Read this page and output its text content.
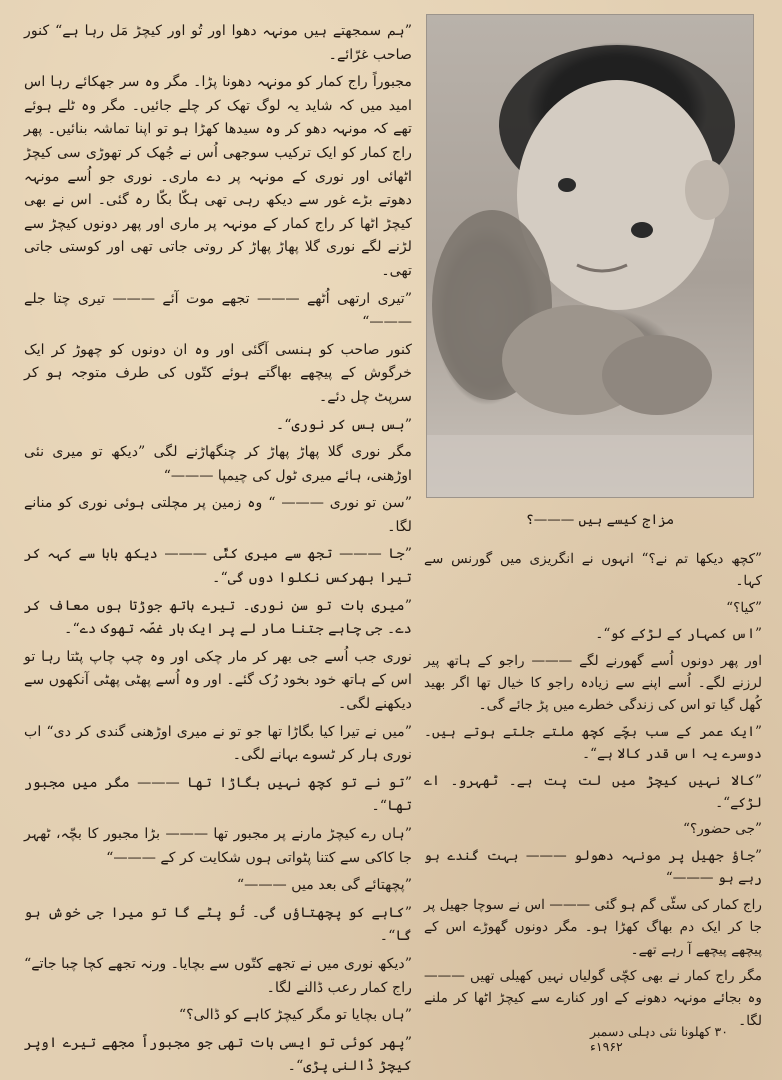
”ہم سمجھتے ہیں مونہہ دھوا اور تُو اور کیچڑ مَل رہا ہے“ کنور صاحب غرّائے۔

مجبوراً راج کمار کو مونہہ دھونا پڑا۔ مگر وہ سر جھکائے رہا اس امید میں کہ شاید یہ لوگ تھک کر چلے جائیں۔ مگر وہ ٹلے ہوئے تھے کہ مونہہ دھو کر وہ سیدھا کھڑا ہو تو اپنا تماشہ بنائیں۔ پھر راج کمار کو ایک ترکیب سوجھی اُس نے جُھک کر تھوڑی سی کیچڑ اٹھائی اور نوری کے مونہہ پر دے ماری۔ نوری جو اُسے مونہہ دھوتے بڑے غور سے دیکھ رہی تھی ہکّا بکّا رہ گئی۔ اس نے بھی کیچڑ اٹھا کر راج کمار کے مونہہ پر ماری اور پھر دونوں کیچڑ سے لڑنے لگے نوری گلا پھاڑ پھاڑ کر روتی جاتی تھی اور کوستی جاتی تھی۔

”تیری ارتھی اُٹھے ——— تجھے موت آئے ——— تیری چتا جلے ———“

کنور صاحب کو ہنسی آگئی اور وہ ان دونوں کو چھوڑ کر ایک خرگوش کے پیچھے بھاگتے ہوئے کتّوں کی طرف متوجہ ہو کر سرپٹ چل دئے۔

”بس بس کر نوری“۔

مگر نوری گلا پھاڑ پھاڑ کر چنگھاڑنے لگی ”دیکھ تو میری نئی اوڑھنی، ہائے میری ٹول کی چیمپا ———“

”سن تو نوری ——— “ وہ زمین پر مچلتی ہوئی نوری کو منانے لگا۔

”جا ——— تجھ سے میری کٹّی ——— دیکھ بابا سے کہہ کر تیرا بھرکس نکلوا دوں گی“۔

”میری بات تو سن نوری۔ تیرے ہاتھ جوڑتا ہوں معاف کر دے۔ جی چاہے جتنا مار لے پر ایک بار غصّہ تھوک دے“۔

نوری جب اُسے جی بھر کر مار چکی اور وہ چپ چاپ پٹتا رہا تو اس کے ہاتھ خود بخود رُک گئے۔ اور وہ اُسے پھٹی پھٹی آنکھوں سے دیکھنے لگی۔

”میں نے تیرا کیا بگاڑا تھا جو تو نے میری اوڑھنی گندی کر دی“ اب نوری ہار کر ٹسوے بہانے لگی۔

”تو نے تو کچھ نہیں بگاڑا تھا ——— مگر میں مجبور تھا“۔

”ہاں رے کیچڑ مارنے پر مجبور تھا ——— بڑا مجبور کا بچّہ، ٹھہر جا کاکی سے کتنا پٹواتی ہوں شکایت کر کے ———“

”پچھتائے گی بعد میں ———“

”کاہے کو پچھتاؤں گی۔ تُو پٹے گا تو میرا جی خوش ہو گا“۔

”دیکھ نوری میں نے تجھے کتّوں سے بچایا۔ ورنہ تجھے کچا چبا جاتے“ راج کمار رعب ڈالنے لگا۔

”ہاں بچایا تو مگر کیچڑ کاہے کو ڈالی؟“

”پھر کوئی تو ایسی بات تھی جو مجبوراً مجھے تیرے اوپر کیچڑ ڈالنی پڑی“۔

مزاج کیسے ہیں ———؟

”کچھ دیکھا تم نے؟“ انہوں نے انگریزی میں گورنس سے کہا۔

”کیا؟“

”اس کمہار کے لڑکے کو“۔

اور پھر دونوں اُسے گھورنے لگے ——— راجو کے ہاتھ پیر لرزنے لگے۔ اُسے اپنے سے زیادہ راجو کا خیال تھا اگر بھید کُھل گیا تو اس کی زندگی خطرے میں پڑ جائے گی۔

”ایک عمر کے سب بچّے کچھ ملتے جلتے ہوتے ہیں۔ دوسرے یہ اس قدر کالا ہے“۔

”کالا نہیں کیچڑ میں لت پت ہے۔ ٹھہرو۔ اے لڑکے“۔

”جی حضور؟“

”جاؤ جھیل پر مونہہ دھولو ——— بہت گندے ہو رہے ہو ———“

راج کمار کی سٹّی گم ہو گئی ——— اس نے سوچا جھیل پر جا کر ایک دم بھاگ کھڑا ہو۔ مگر دونوں گھوڑے اس کے پیچھے پیچھے آ رہے تھے۔

مگر راج کمار نے بھی کچّی گولیاں نہیں کھیلی تھیں ——— وہ بجائے مونہہ دھونے کے اور کنارے سے کیچڑ اٹھا کر ملنے لگا۔

۳۰ کھلونا نئی دہلی دسمبر ۱۹۶۲ء
